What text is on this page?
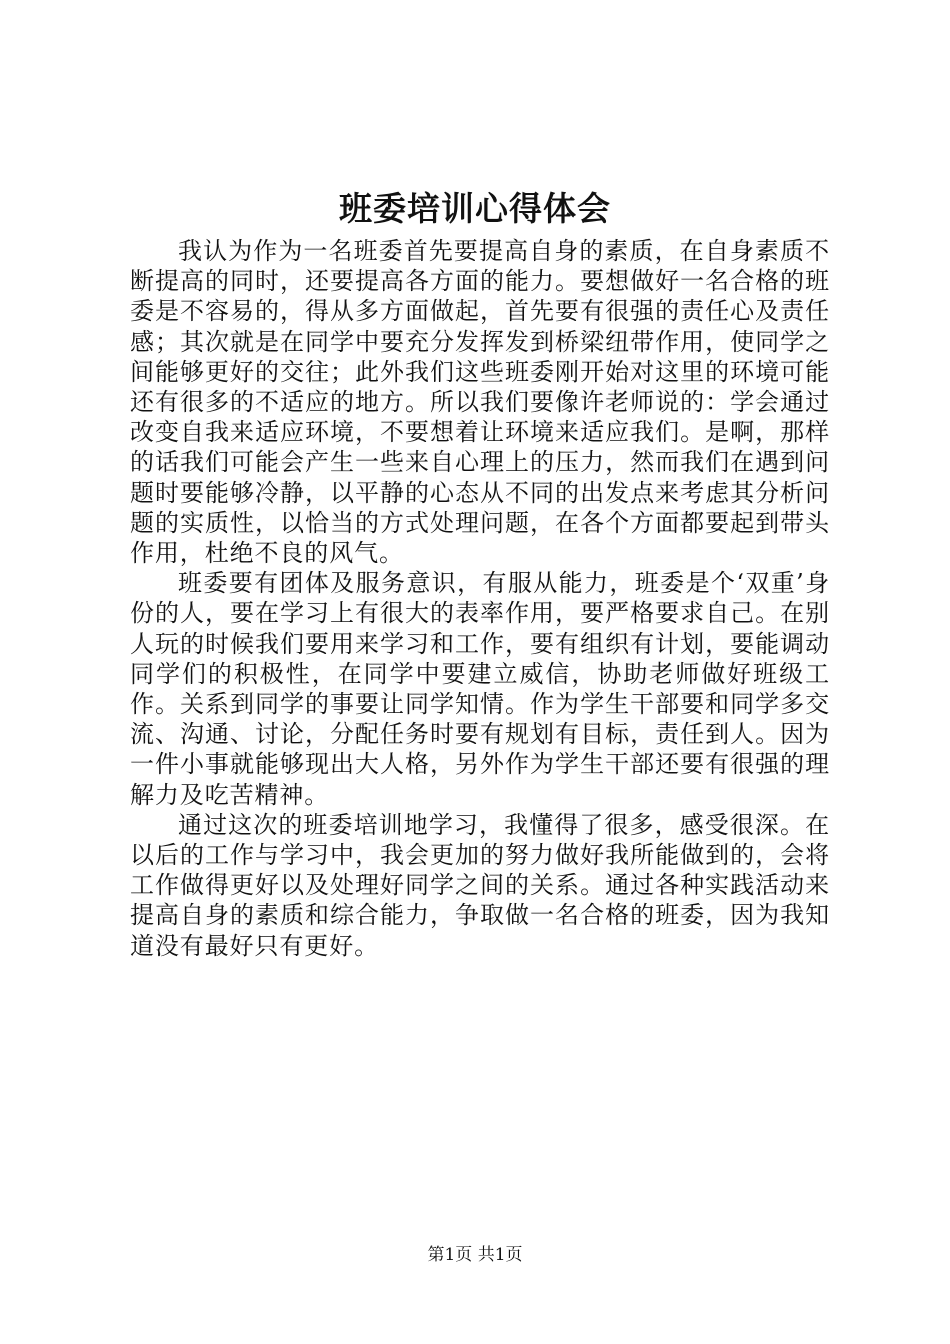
班委培训心得体会

我认为作为一名班委首先要提高自身的素质，在自身素质不断提高的同时，还要提高各方面的能力。要想做好一名合格的班委是不容易的，得从多方面做起，首先要有很强的责任心及责任感；其次就是在同学中要充分发挥发到桥梁纽带作用，使同学之间能够更好的交往；此外我们这些班委刚开始对这里的环境可能还有很多的不适应的地方。所以我们要像许老师说的：学会通过改变自我来适应环境，不要想着让环境来适应我们。是啊，那样的话我们可能会产生一些来自心理上的压力，然而我们在遇到问题时要能够冷静，以平静的心态从不同的出发点来考虑其分析问题的实质性，以恰当的方式处理问题，在各个方面都要起到带头作用，杜绝不良的风气。

班委要有团体及服务意识，有服从能力，班委是个‘双重’身份的人，要在学习上有很大的表率作用，要严格要求自己。在别人玩的时候我们要用来学习和工作，要有组织有计划，要能调动同学们的积极性，在同学中要建立威信，协助老师做好班级工作。关系到同学的事要让同学知情。作为学生干部要和同学多交流、沟通、讨论，分配任务时要有规划有目标，责任到人。因为一件小事就能够现出大人格，另外作为学生干部还要有很强的理解力及吃苦精神。

通过这次的班委培训地学习，我懂得了很多，感受很深。在以后的工作与学习中，我会更加的努力做好我所能做到的，会将工作做得更好以及处理好同学之间的关系。通过各种实践活动来提高自身的素质和综合能力，争取做一名合格的班委，因为我知道没有最好只有更好。

第1页 共1页
